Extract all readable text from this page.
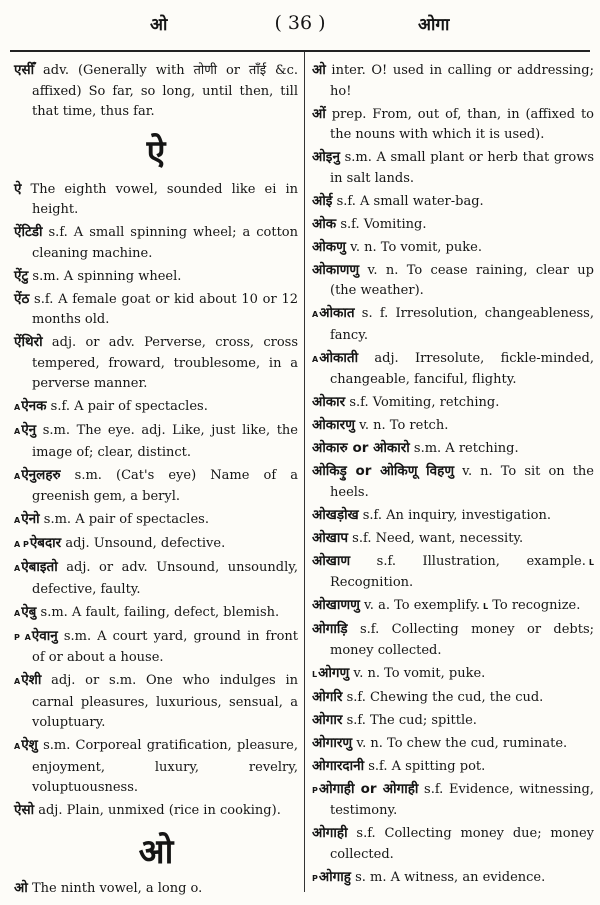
ओ	( 36 )	ओगा

एसीँ adv. (Generally with तोणी or ताँई &c. affixed) So far, so long, until then, till that time, thus far.

ऐ

ऐ The eighth vowel, sounded like ei in height.

ऐंटिडी s.f. A small spinning wheel; a cotton cleaning machine.

ऐंटु s.m. A spinning wheel.

ऐंठ s.f. A female goat or kid about 10 or 12 months old.

ऐंथिरो adj. or adv. Perverse, cross, cross tempered, froward, troublesome, in a perverse manner.

Aऐनक s.f. A pair of spectacles.

Aऐनु s.m. The eye. adj. Like, just like, the image of; clear, distinct.

Aऐनुलहरु s.m. (Cat's eye) Name of a greenish gem, a beryl.

Aऐनो s.m. A pair of spectacles.

A Pऐबदार adj. Unsound, defective.

Aऐबाइतो adj. or adv. Unsound, unsoundly, defective, faulty.

Aऐबु s.m. A fault, failing, defect, blemish.

P Aऐवानु s.m. A court yard, ground in front of or about a house.

Aऐशी adj. or s.m. One who indulges in carnal pleasures, luxurious, sensual, a voluptuary.

Aऐशु s.m. Corporeal gratification, pleasure, enjoyment, luxury, revelry, voluptuousness.

ऐसो adj. Plain, unmixed (rice in cooking).

ओ

ओ The ninth vowel, a long o.

ओ inter. O! used in calling or addressing; ho!

ओं prep. From, out of, than, in (affixed to the nouns with which it is used).

ओइनु s.m. A small plant or herb that grows in salt lands.

ओई s.f. A small water-bag.

ओक s.f. Vomiting.

ओकणु v. n. To vomit, puke.

ओकाणणु v. n. To cease raining, clear up (the weather).

Aओकात s. f. Irresolution, changeableness, fancy.

Aओकाती adj. Irresolute, fickle-minded, changeable, fanciful, flighty.

ओकार s.f. Vomiting, retching.

ओकारणु v. n. To retch.

ओकारु or ओकारो s.m. A retching.

ओकिड़ु or ओकिणू विहणु v. n. To sit on the heels.

ओखड़ोख s.f. An inquiry, investigation.

ओखाप s.f. Need, want, necessity.

ओखाण s.f. Illustration, example. L Recognition.

ओखाणणु v. a. To exemplify. L To recognize.

ओगाड़ि s.f. Collecting money or debts; money collected.

Lओगणु v. n. To vomit, puke.

ओगरि s.f. Chewing the cud, the cud.

ओगार s.f. The cud; spittle.

ओगारणु v. n. To chew the cud, ruminate.

ओगारदानी s.f. A spitting pot.

Pओगाही or ओगाही s.f. Evidence, witnessing, testimony.

ओगाही s.f. Collecting money due; money collected.

Pओगाहु s. m. A witness, an evidence.
